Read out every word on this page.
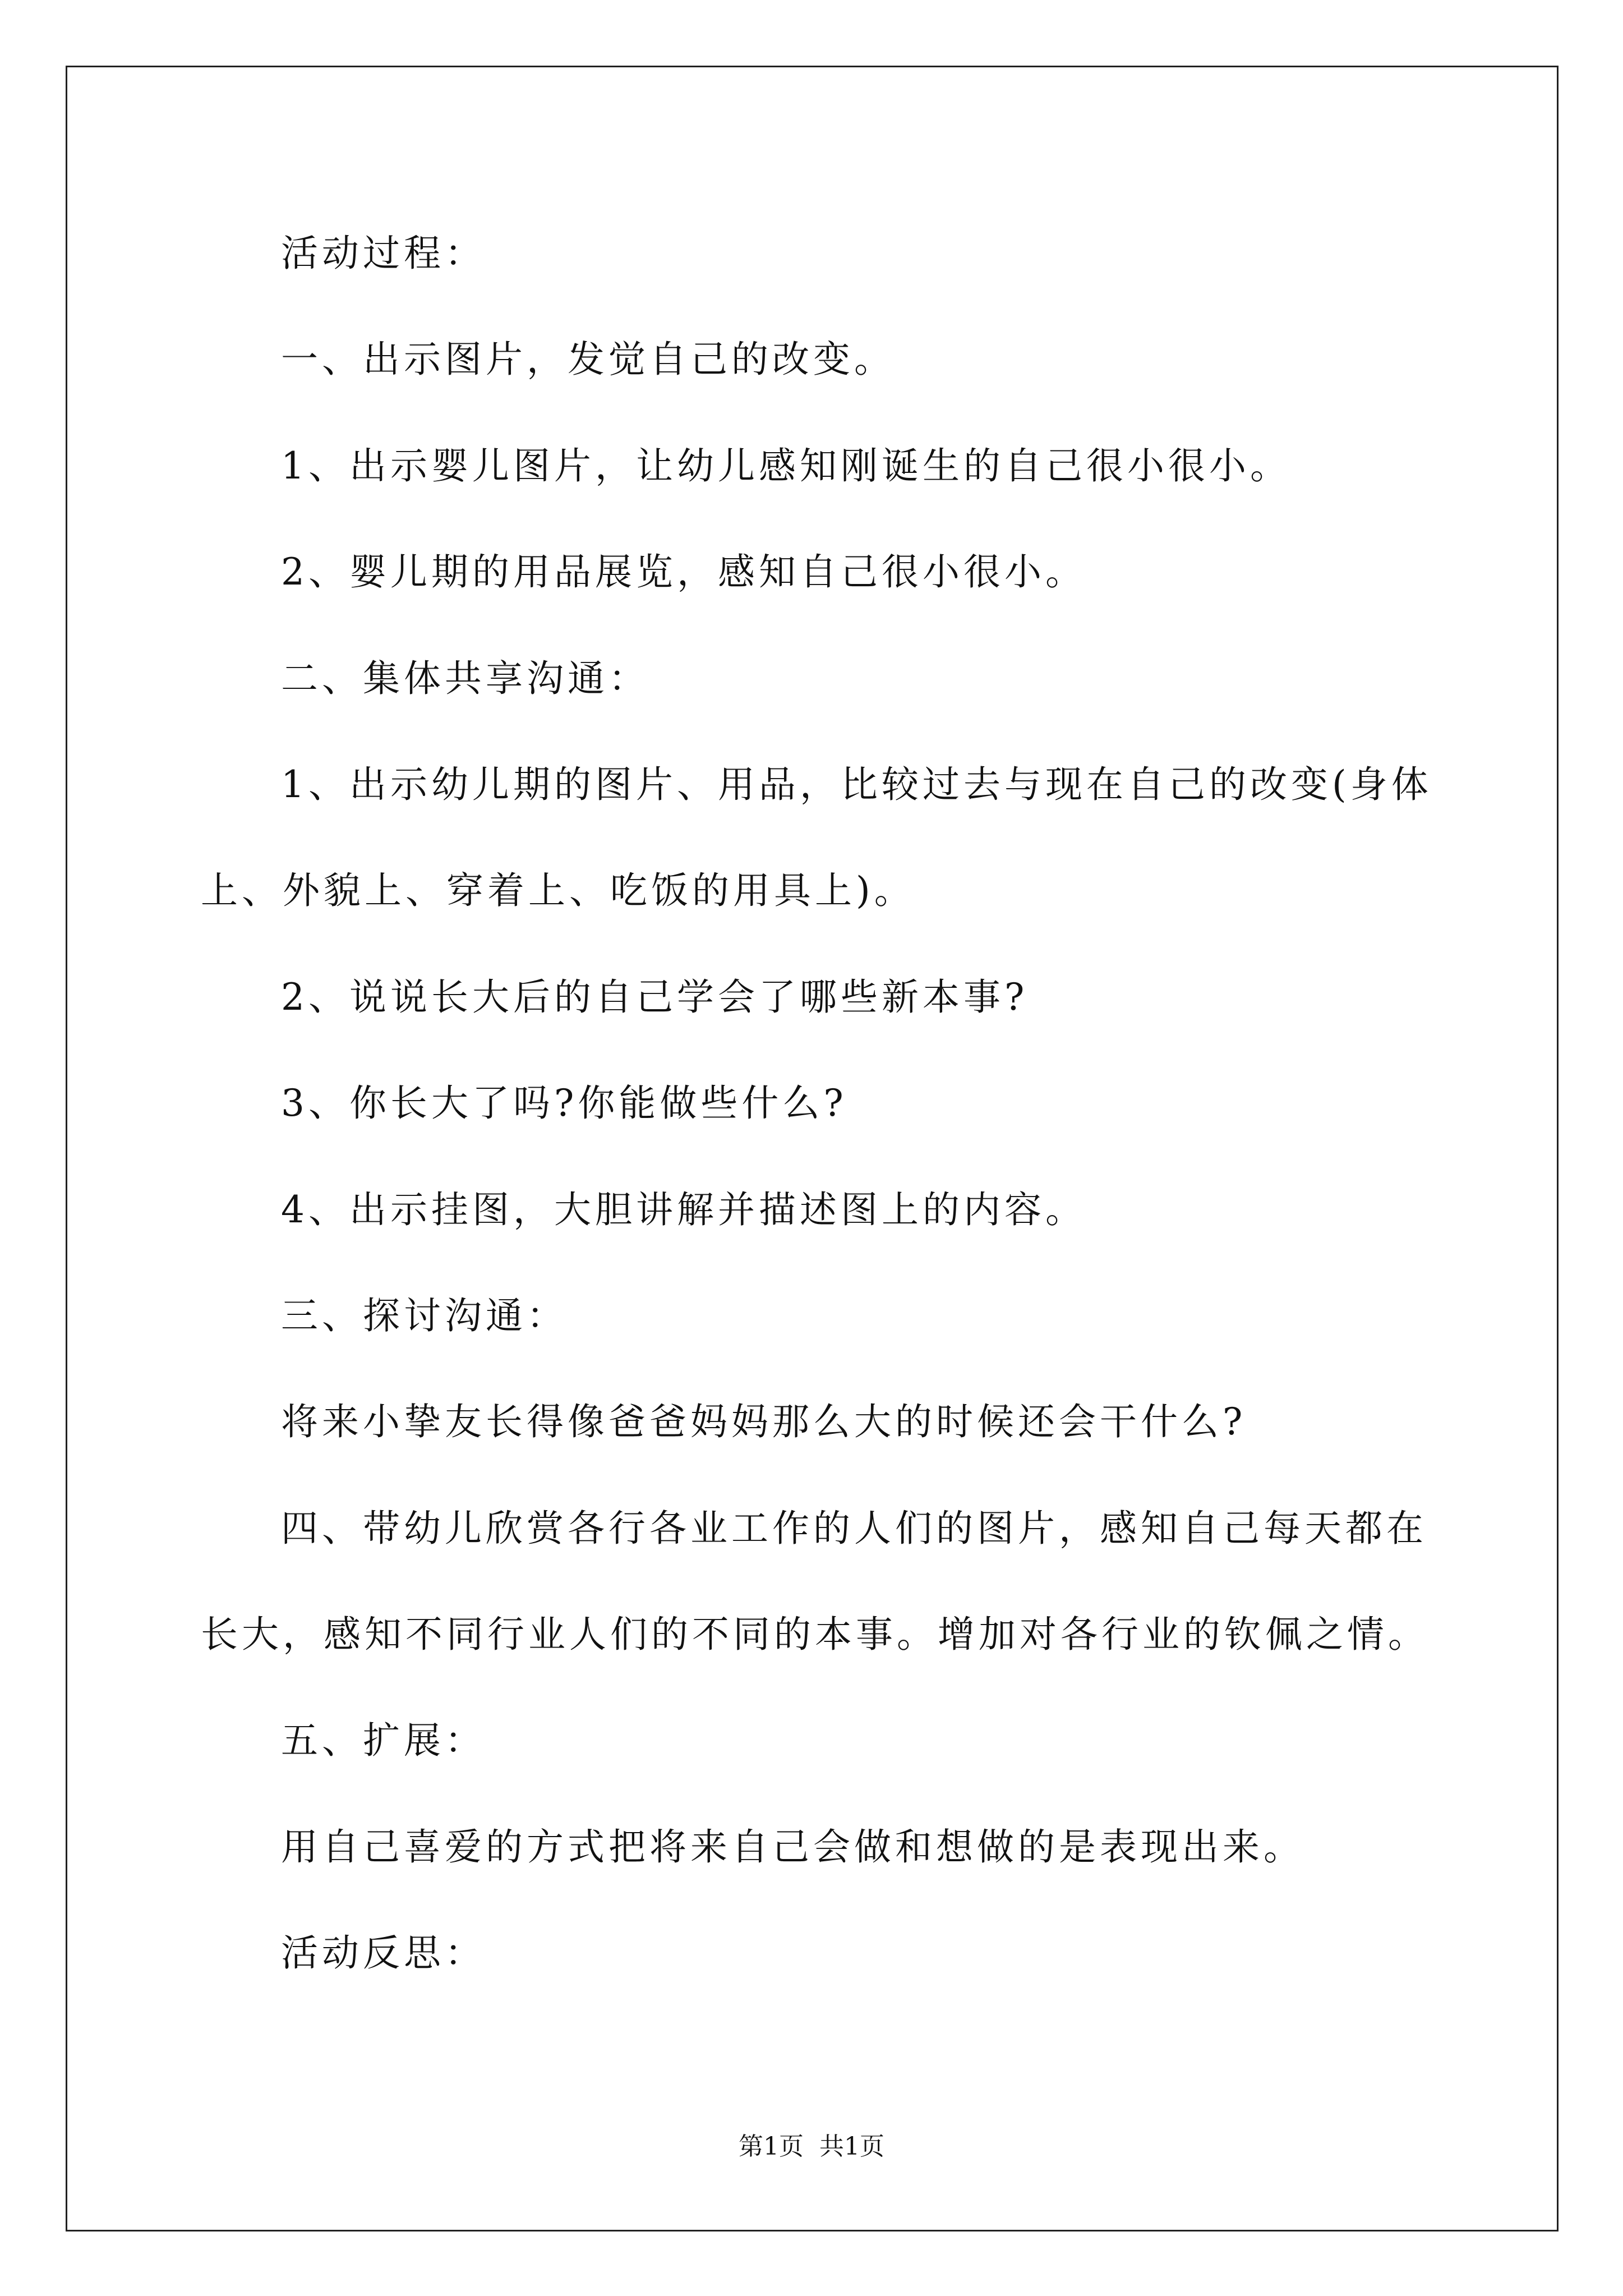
活动过程：
一、出示图片，发觉自己的改变。
1、出示婴儿图片，让幼儿感知刚诞生的自己很小很小。
2、婴儿期的用品展览，感知自己很小很小。
二、集体共享沟通：
1、出示幼儿期的图片、用品，比较过去与现在自己的改变(身体
上、外貌上、穿着上、吃饭的用具上)。
2、说说长大后的自己学会了哪些新本事?
3、你长大了吗?你能做些什么?
4、出示挂图，大胆讲解并描述图上的内容。
三、探讨沟通：
将来小挚友长得像爸爸妈妈那么大的时候还会干什么?
四、带幼儿欣赏各行各业工作的人们的图片，感知自己每天都在
长大，感知不同行业人们的不同的本事。增加对各行业的钦佩之情。
五、扩展：
用自己喜爱的方式把将来自己会做和想做的是表现出来。
活动反思：
第1页  共1页
